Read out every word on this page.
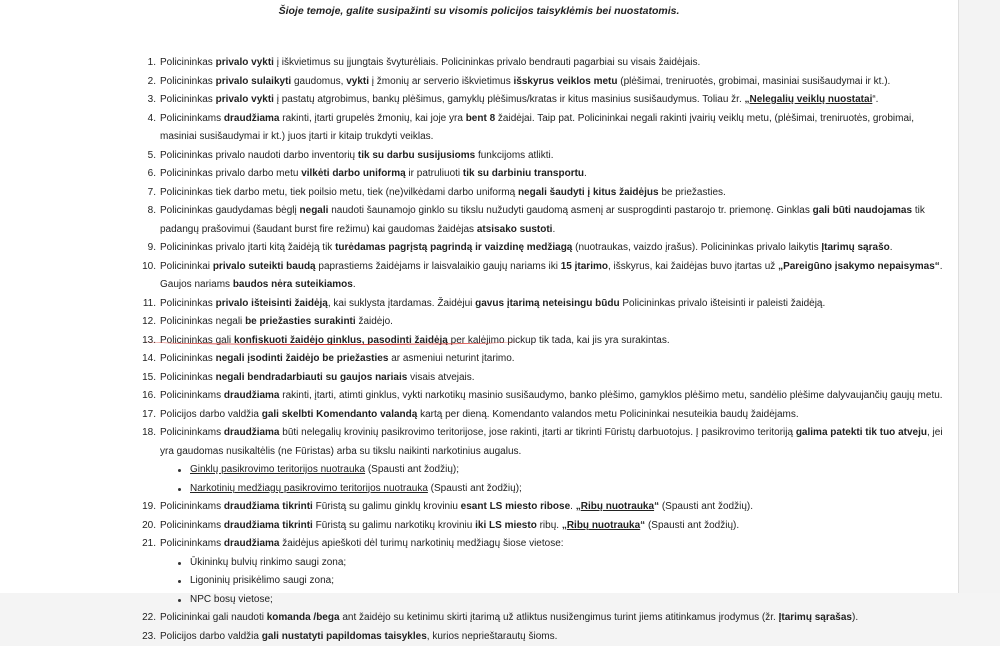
Šioje temoje, galite susipažinti su visomis policijos taisyklėmis bei nuostatomis.

1. Policininkas privalo vykti į iškvietimus su įjungtais švyturėliais. Policininkas privalo bendrauti pagarbiai su visais žaidėjais.
2. Policininkas privalo sulaikyti gaudomus, vykti į žmonių ar serverio iškvietimus išskyrus veiklos metu (plėšimai, treniruotės, grobimai, masiniai susišaudymai ir kt.).
3. Policininkas privalo vykti į pastatų atgrobimus, bankų plėšimus, gamyklų plėšimus/kratas ir kitus masinius susišaudymus. Toliau žr. „Nelegalių veiklų nuostatai“.
4. Policininkams draudžiama rakinti, įtarti grupelės žmonių, kai joje yra bent 8 žaidėjai. Taip pat. Policininkai negali rakinti įvairių veiklų metu, (plėšimai, treniruotės, grobimai, masiniai susišaudymai ir kt.) juos įtarti ir kitaip trukdyti veiklas.
5. Policininkas privalo naudoti darbo inventorių tik su darbu susijusioms funkcijoms atlikti.
6. Policininkas privalo darbo metu vilkėti darbo uniformą ir patruliuoti tik su darbiniu transportu.
7. Policininkas tiek darbo metu, tiek poilsio metu, tiek (ne)vilkėdami darbo uniformą negali šaudyti į kitus žaidėjus be priežasties.
8. Policininkas gaudydamas bėglį negali naudoti šaunamojo ginklo su tikslu nužudyti gaudomą asmenį ar susprogdinti pastarojo tr. priemonę. Ginklas gali būti naudojamas tik padangų prašovimui (šaudant burst fire režimu) kai gaudomas žaidėjas atsisako sustoti.
9. Policininkas privalo įtarti kitą žaidėją tik turėdamas pagrįstą pagrindą ir vaizdinę medžiagą (nuotraukas, vaizdo įrašus). Policininkas privalo laikytis Įtarimų sąrašo.
10. Policininkai privalo suteikti baudą paprastiems žaidėjams ir laisvalaikio gaujų nariams iki 15 įtarimo, išskyrus, kai žaidėjas buvo įtartas už „Pareigūno įsakymo nepaisymas“. Gaujos nariams baudos nėra suteikiamos.
11. Policininkas privalo išteisinti žaidėją, kai suklysta įtardamas. Žaidėjui gavus įtarimą neteisingu būdu Policininkas privalo išteisinti ir paleisti žaidėją.
12. Policininkas negali be priežasties surakinti žaidėjo.
13. Policininkas gali konfiskuoti žaidėjo ginklus, pasodinti žaidėją per kalėjimo pickup tik tada, kai jis yra surakintas.
14. Policininkas negali įsodinti žaidėjo be priežasties ar asmeniui neturint įtarimo.
15. Policininkas negali bendradarbiauti su gaujos nariais visais atvejais.
16. Policininkams draudžiama rakinti, įtarti, atimti ginklus, vykti narkotikų masinio susišaudymo, banko plėšimo, gamyklos plėšimo metu, sandėlio plėšime dalyvaujančių gaujų metu.
17. Policijos darbo valdžia gali skelbti Komendanto valandą kartą per dieną. Komendanto valandos metu Policininkai nesuteikia baudų žaidėjams.
18. Policininkams draudžiama būti nelegalių krovinių pasikrovimo teritorijose, jose rakinti, įtarti ar tikrinti Fūristų darbuotojus. Į pasikrovimo teritoriją galima patekti tik tuo atveju, jei yra gaudomas nusikaltėlis (ne Fūristas) arba su tikslu naikinti narkotinius augalus.
Ginklų pasikrovimo teritorijos nuotrauka (Spausti ant žodžių);
Narkotinių medžiagų pasikrovimo teritorijos nuotrauka (Spausti ant žodžių);
19. Policininkams draudžiama tikrinti Fūristą su galimu ginklų kroviniu esant LS miesto ribose. „Ribų nuotrauka“ (Spausti ant žodžių).
20. Policininkams draudžiama tikrinti Fūristą su galimu narkotikų kroviniu iki LS miesto ribų. „Ribų nuotrauka“ (Spausti ant žodžių).
21. Policininkams draudžiama žaidėjus apieškoti dėl turimų narkotinių medžiagų šiose vietose:
Ūkininkų bulvių rinkimo saugi zona;
Ligoninių prisikėlimo saugi zona;
NPC bosų vietose;
22. Policininkai gali naudoti komanda /bega ant žaidėjo su ketinimu skirti įtarimą už atliktus nusižengimus turint jiems atitinkamus įrodymus (žr. Įtarimų sąrašas).
23. Policijos darbo valdžia gali nustatyti papildomas taisykles, kurios neprieštarautų šioms.
